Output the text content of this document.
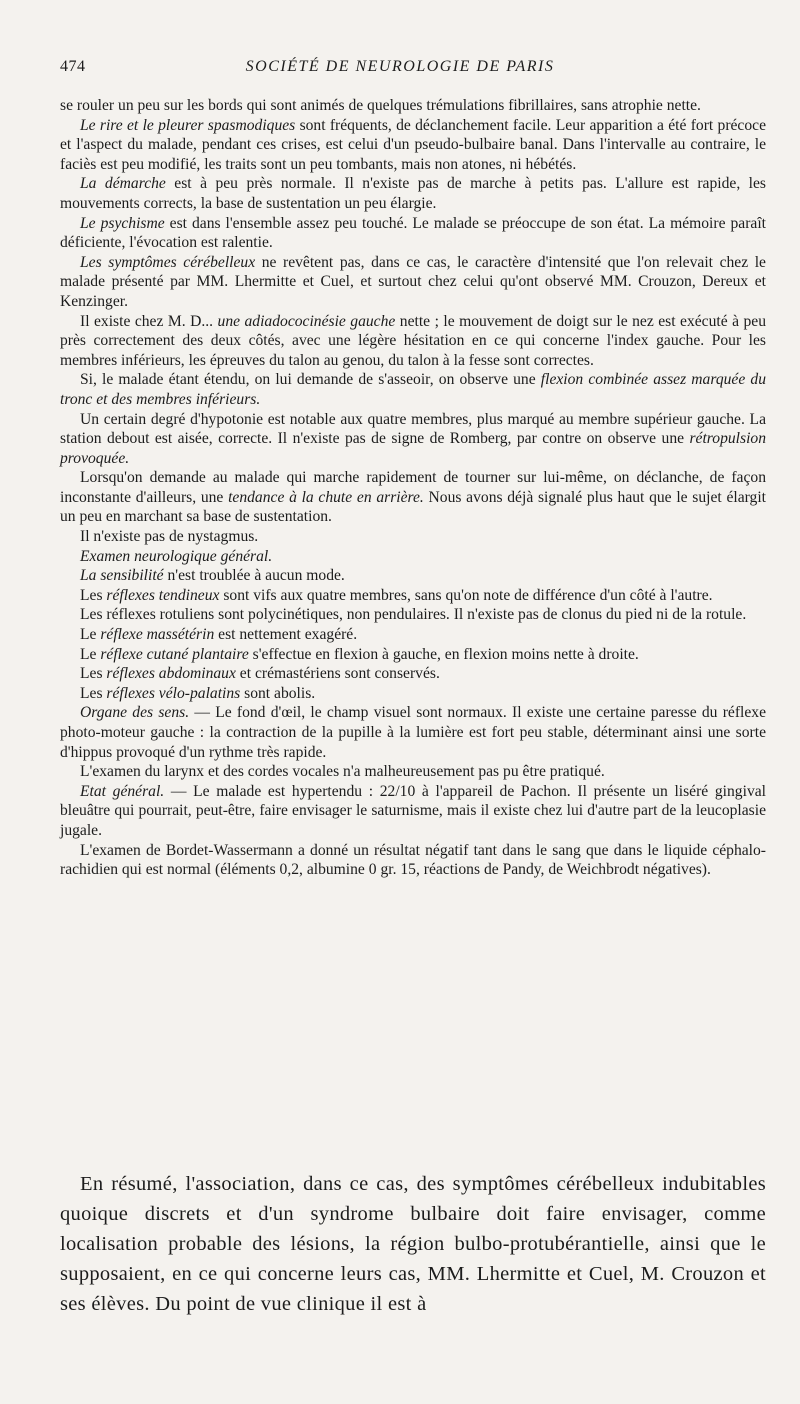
474	SOCIÉTÉ DE NEUROLOGIE DE PARIS

se rouler un peu sur les bords qui sont animés de quelques trémulations fibrillaires, sans atrophie nette.

Le rire et le pleurer spasmodiques sont fréquents, de déclanchement facile. Leur apparition a été fort précoce et l'aspect du malade, pendant ces crises, est celui d'un pseudo-bulbaire banal. Dans l'intervalle au contraire, le faciès est peu modifié, les traits sont un peu tombants, mais non atones, ni hébétés.

La démarche est à peu près normale. Il n'existe pas de marche à petits pas. L'allure est rapide, les mouvements corrects, la base de sustentation un peu élargie.

Le psychisme est dans l'ensemble assez peu touché. Le malade se préoccupe de son état. La mémoire paraît déficiente, l'évocation est ralentie.

Les symptômes cérébelleux ne revêtent pas, dans ce cas, le caractère d'intensité que l'on relevait chez le malade présenté par MM. Lhermitte et Cuel, et surtout chez celui qu'ont observé MM. Crouzon, Dereux et Kenzinger.

Il existe chez M. D... une adiadococinésie gauche nette ; le mouvement de doigt sur le nez est exécuté à peu près correctement des deux côtés, avec une légère hésitation en ce qui concerne l'index gauche. Pour les membres inférieurs, les épreuves du talon au genou, du talon à la fesse sont correctes.

Si, le malade étant étendu, on lui demande de s'asseoir, on observe une flexion combinée assez marquée du tronc et des membres inférieurs.

Un certain degré d'hypotonie est notable aux quatre membres, plus marqué au membre supérieur gauche. La station debout est aisée, correcte. Il n'existe pas de signe de Romberg, par contre on observe une rétropulsion provoquée.

Lorsqu'on demande au malade qui marche rapidement de tourner sur lui-même, on déclanche, de façon inconstante d'ailleurs, une tendance à la chute en arrière. Nous avons déjà signalé plus haut que le sujet élargit un peu en marchant sa base de sustentation.

Il n'existe pas de nystagmus.

Examen neurologique général.

La sensibilité n'est troublée à aucun mode.

Les réflexes tendineux sont vifs aux quatre membres, sans qu'on note de différence d'un côté à l'autre.

Les réflexes rotuliens sont polycinétiques, non pendulaires. Il n'existe pas de clonus du pied ni de la rotule.

Le réflexe massétérin est nettement exagéré.

Le réflexe cutané plantaire s'effectue en flexion à gauche, en flexion moins nette à droite.

Les réflexes abdominaux et crémastériens sont conservés.

Les réflexes vélo-palatins sont abolis.

Organe des sens. — Le fond d'œil, le champ visuel sont normaux. Il existe une certaine paresse du réflexe photo-moteur gauche : la contraction de la pupille à la lumière est fort peu stable, déterminant ainsi une sorte d'hippus provoqué d'un rythme très rapide.

L'examen du larynx et des cordes vocales n'a malheureusement pas pu être pratiqué.

Etat général. — Le malade est hypertendu : 22/10 à l'appareil de Pachon. Il présente un liséré gingival bleuâtre qui pourrait, peut-être, faire envisager le saturnisme, mais il existe chez lui d'autre part de la leucoplasie jugale.

L'examen de Bordet-Wassermann a donné un résultat négatif tant dans le sang que dans le liquide céphalo-rachidien qui est normal (éléments 0,2, albumine 0 gr. 15, réactions de Pandy, de Weichbrodt négatives).

En résumé, l'association, dans ce cas, des symptômes cérébelleux indubitables quoique discrets et d'un syndrome bulbaire doit faire envisager, comme localisation probable des lésions, la région bulbo-protubérantielle, ainsi que le supposaient, en ce qui concerne leurs cas, MM. Lhermitte et Cuel, M. Crouzon et ses élèves. Du point de vue clinique il est à
